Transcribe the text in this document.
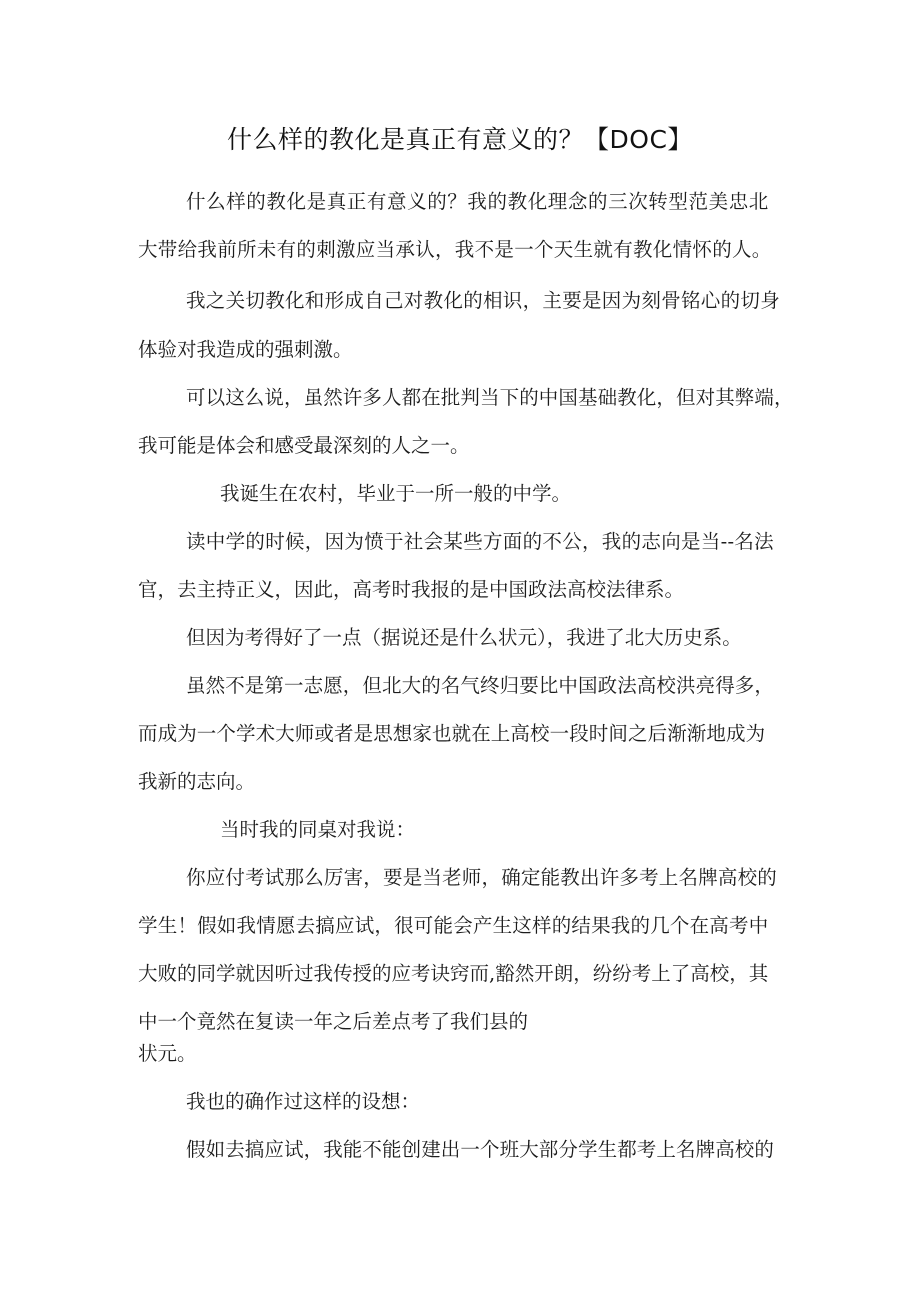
什么样的教化是真正有意义的？【DOC】
什么样的教化是真正有意义的？我的教化理念的三次转型范美忠北
大带给我前所未有的刺激应当承认，我不是一个天生就有教化情怀的人。
我之关切教化和形成自己对教化的相识，主要是因为刻骨铭心的切身
体验对我造成的强刺激。
可以这么说，虽然许多人都在批判当下的中国基础教化，但对其弊端，
我可能是体会和感受最深刻的人之一。
我诞生在农村，毕业于一所一般的中学。
读中学的时候，因为愤于社会某些方面的不公，我的志向是当--名法
官，去主持正义，因此，高考时我报的是中国政法高校法律系。
但因为考得好了一点（据说还是什么状元），我进了北大历史系。
虽然不是第一志愿，但北大的名气终归要比中国政法高校洪亮得多，
而成为一个学术大师或者是思想家也就在上高校一段时间之后渐渐地成为
我新的志向。
当时我的同桌对我说：
你应付考试那么厉害，要是当老师，确定能教出许多考上名牌高校的
学生！假如我情愿去搞应试，很可能会产生这样的结果我的几个在高考中
大败的同学就因听过我传授的应考诀窍而,豁然开朗，纷纷考上了高校，其
中一个竟然在复读一年之后差点考了我们县的
状元。
我也的确作过这样的设想：
假如去搞应试，我能不能创建出一个班大部分学生都考上名牌高校的
